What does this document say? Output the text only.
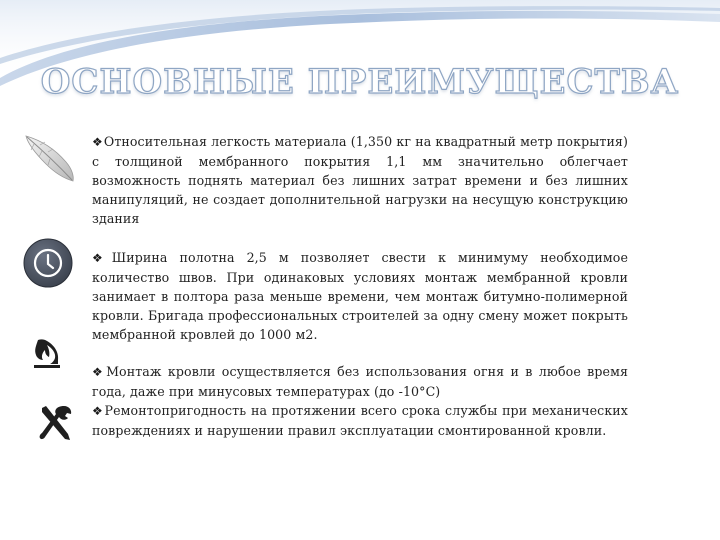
ОСНОВНЫЕ ПРЕИМУЩЕСТВА

❖Относительная легкость материала (1,350 кг на квадратный метр покрытия) с толщиной мембранного покрытия 1,1 мм значительно облегчает возможность поднять материал без лишних затрат времени и без лишних манипуляций, не создает дополнительной нагрузки на несущую конструкцию здания

❖Ширина полотна 2,5 м позволяет свести к минимуму необходимое количество швов. При одинаковых условиях монтаж мембранной кровли занимает в полтора раза меньше времени, чем монтаж битумно-полимерной кровли. Бригада профессиональных строителей за одну смену может покрыть мембранной кровлей до 1000 м2.

❖Монтаж кровли осуществляется без использования огня и в любое время года, даже при минусовых температурах (до -10°С)

❖Ремонтопригодность на протяжении всего срока службы при механических повреждениях и нарушении правил эксплуатации смонтированной кровли.
